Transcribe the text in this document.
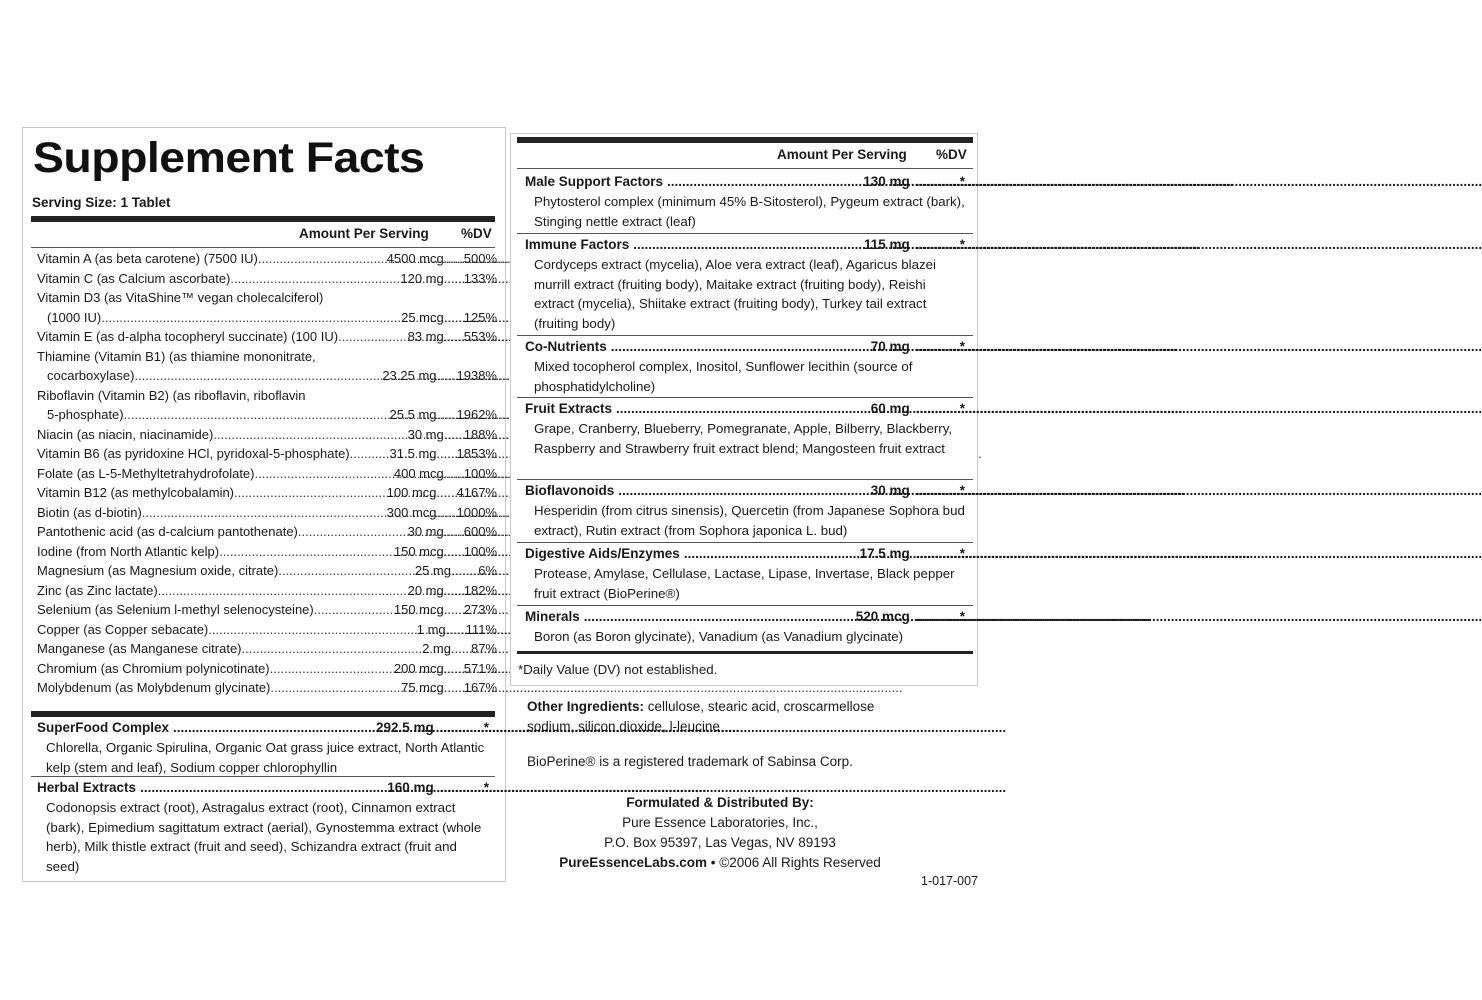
Supplement Facts
Serving Size: 1 Tablet
Amount Per Serving %DV
Vitamin A (as beta carotene) (7500 IU) .....	4500 mcg ..... 500%
Vitamin C (as Calcium ascorbate) .....	120 mg ..... 133%
Vitamin D3 (as VitaShine™ vegan cholecalciferol)
(1000 IU) .....	25 mcg ..... 125%
Vitamin E (as d-alpha tocopheryl succinate) (100 IU) .....	83 mg ..... 553%
Thiamine (Vitamin B1) (as thiamine mononitrate,
cocarboxylase) .....	23.25 mg ..... 1938%
Riboflavin (Vitamin B2) (as riboflavin, riboflavin
5-phosphate) .....	25.5 mg ..... 1962%
Niacin (as niacin, niacinamide) .....	30 mg ..... 188%
Vitamin B6 (as pyridoxine HCl, pyridoxal-5-phosphate) .....	31.5 mg ..... 1853%
Folate (as L-5-Methyltetrahydrofolate) .....	400 mcg ..... 100%
Vitamin B12 (as methylcobalamin) .....	100 mcg ..... 4167%
Biotin (as d-biotin) .....	300 mcg ..... 1000%
Pantothenic acid (as d-calcium pantothenate) .....	30 mg ..... 600%
Iodine (from North Atlantic kelp) .....	150 mcg ..... 100%
Magnesium (as Magnesium oxide, citrate) .....	25 mg .....	6%
Zinc (as Zinc lactate) .....	20 mg ..... 182%
Selenium (as Selenium l-methyl selenocysteine) .....	150 mcg ..... 273%
Copper (as Copper sebacate) .....	1 mg ..... 111%
Manganese (as Manganese citrate) .....	2 mg ..... 87%
Chromium (as Chromium polynicotinate) .....	200 mcg ..... 571%
Molybdenum (as Molybdenum glycinate) .....	75 mcg ..... 167%
SuperFood Complex .....	292.5 mg .....	*
Chlorella, Organic Spirulina, Organic Oat grass juice extract, North Atlantic kelp (stem and leaf), Sodium copper chlorophyllin
Herbal Extracts .....	160 mg .....	*
Codonopsis extract (root), Astragalus extract (root), Cinnamon extract (bark), Epimedium sagittatum extract (aerial), Gynostemma extract (whole herb), Milk thistle extract (fruit and seed), Schizandra extract (fruit and seed)
Amount Per Serving %DV
Male Support Factors .....	130 mg .....	*
Phytosterol complex (minimum 45% B-Sitosterol), Pygeum extract (bark), Stinging nettle extract (leaf)
Immune Factors .....	115 mg .....	*
Cordyceps extract (mycelia), Aloe vera extract (leaf), Agaricus blazei murrill extract (fruiting body), Maitake extract (fruiting body), Reishi extract (mycelia), Shiitake extract (fruiting body), Turkey tail extract (fruiting body)
Co-Nutrients .....	70 mg .....	*
Mixed tocopherol complex, Inositol, Sunflower lecithin (source of phosphatidylcholine)
Fruit Extracts .....	60 mg .....	*
Grape, Cranberry, Blueberry, Pomegranate, Apple, Bilberry, Blackberry, Raspberry and Strawberry fruit extract blend; Mangosteen fruit extract
Bioflavonoids .....	30 mg .....	*
Hesperidin (from citrus sinensis), Quercetin (from Japanese Sophora bud extract), Rutin extract (from Sophora japonica L. bud)
Digestive Aids/Enzymes .....	17.5 mg .....	*
Protease, Amylase, Cellulase, Lactase, Lipase, Invertase, Black pepper fruit extract (BioPerine®)
Minerals .....	520 mcg .....	*
Boron (as Boron glycinate), Vanadium (as Vanadium glycinate)
*Daily Value (DV) not established.
Other Ingredients: cellulose, stearic acid, croscarmellose sodium, silicon dioxide, l-leucine
BioPerine® is a registered trademark of Sabinsa Corp.
Formulated & Distributed By:
Pure Essence Laboratories, Inc.,
P.O. Box 95397, Las Vegas, NV 89193
PureEssenceLabs.com • ©2006 All Rights Reserved
1-017-007
